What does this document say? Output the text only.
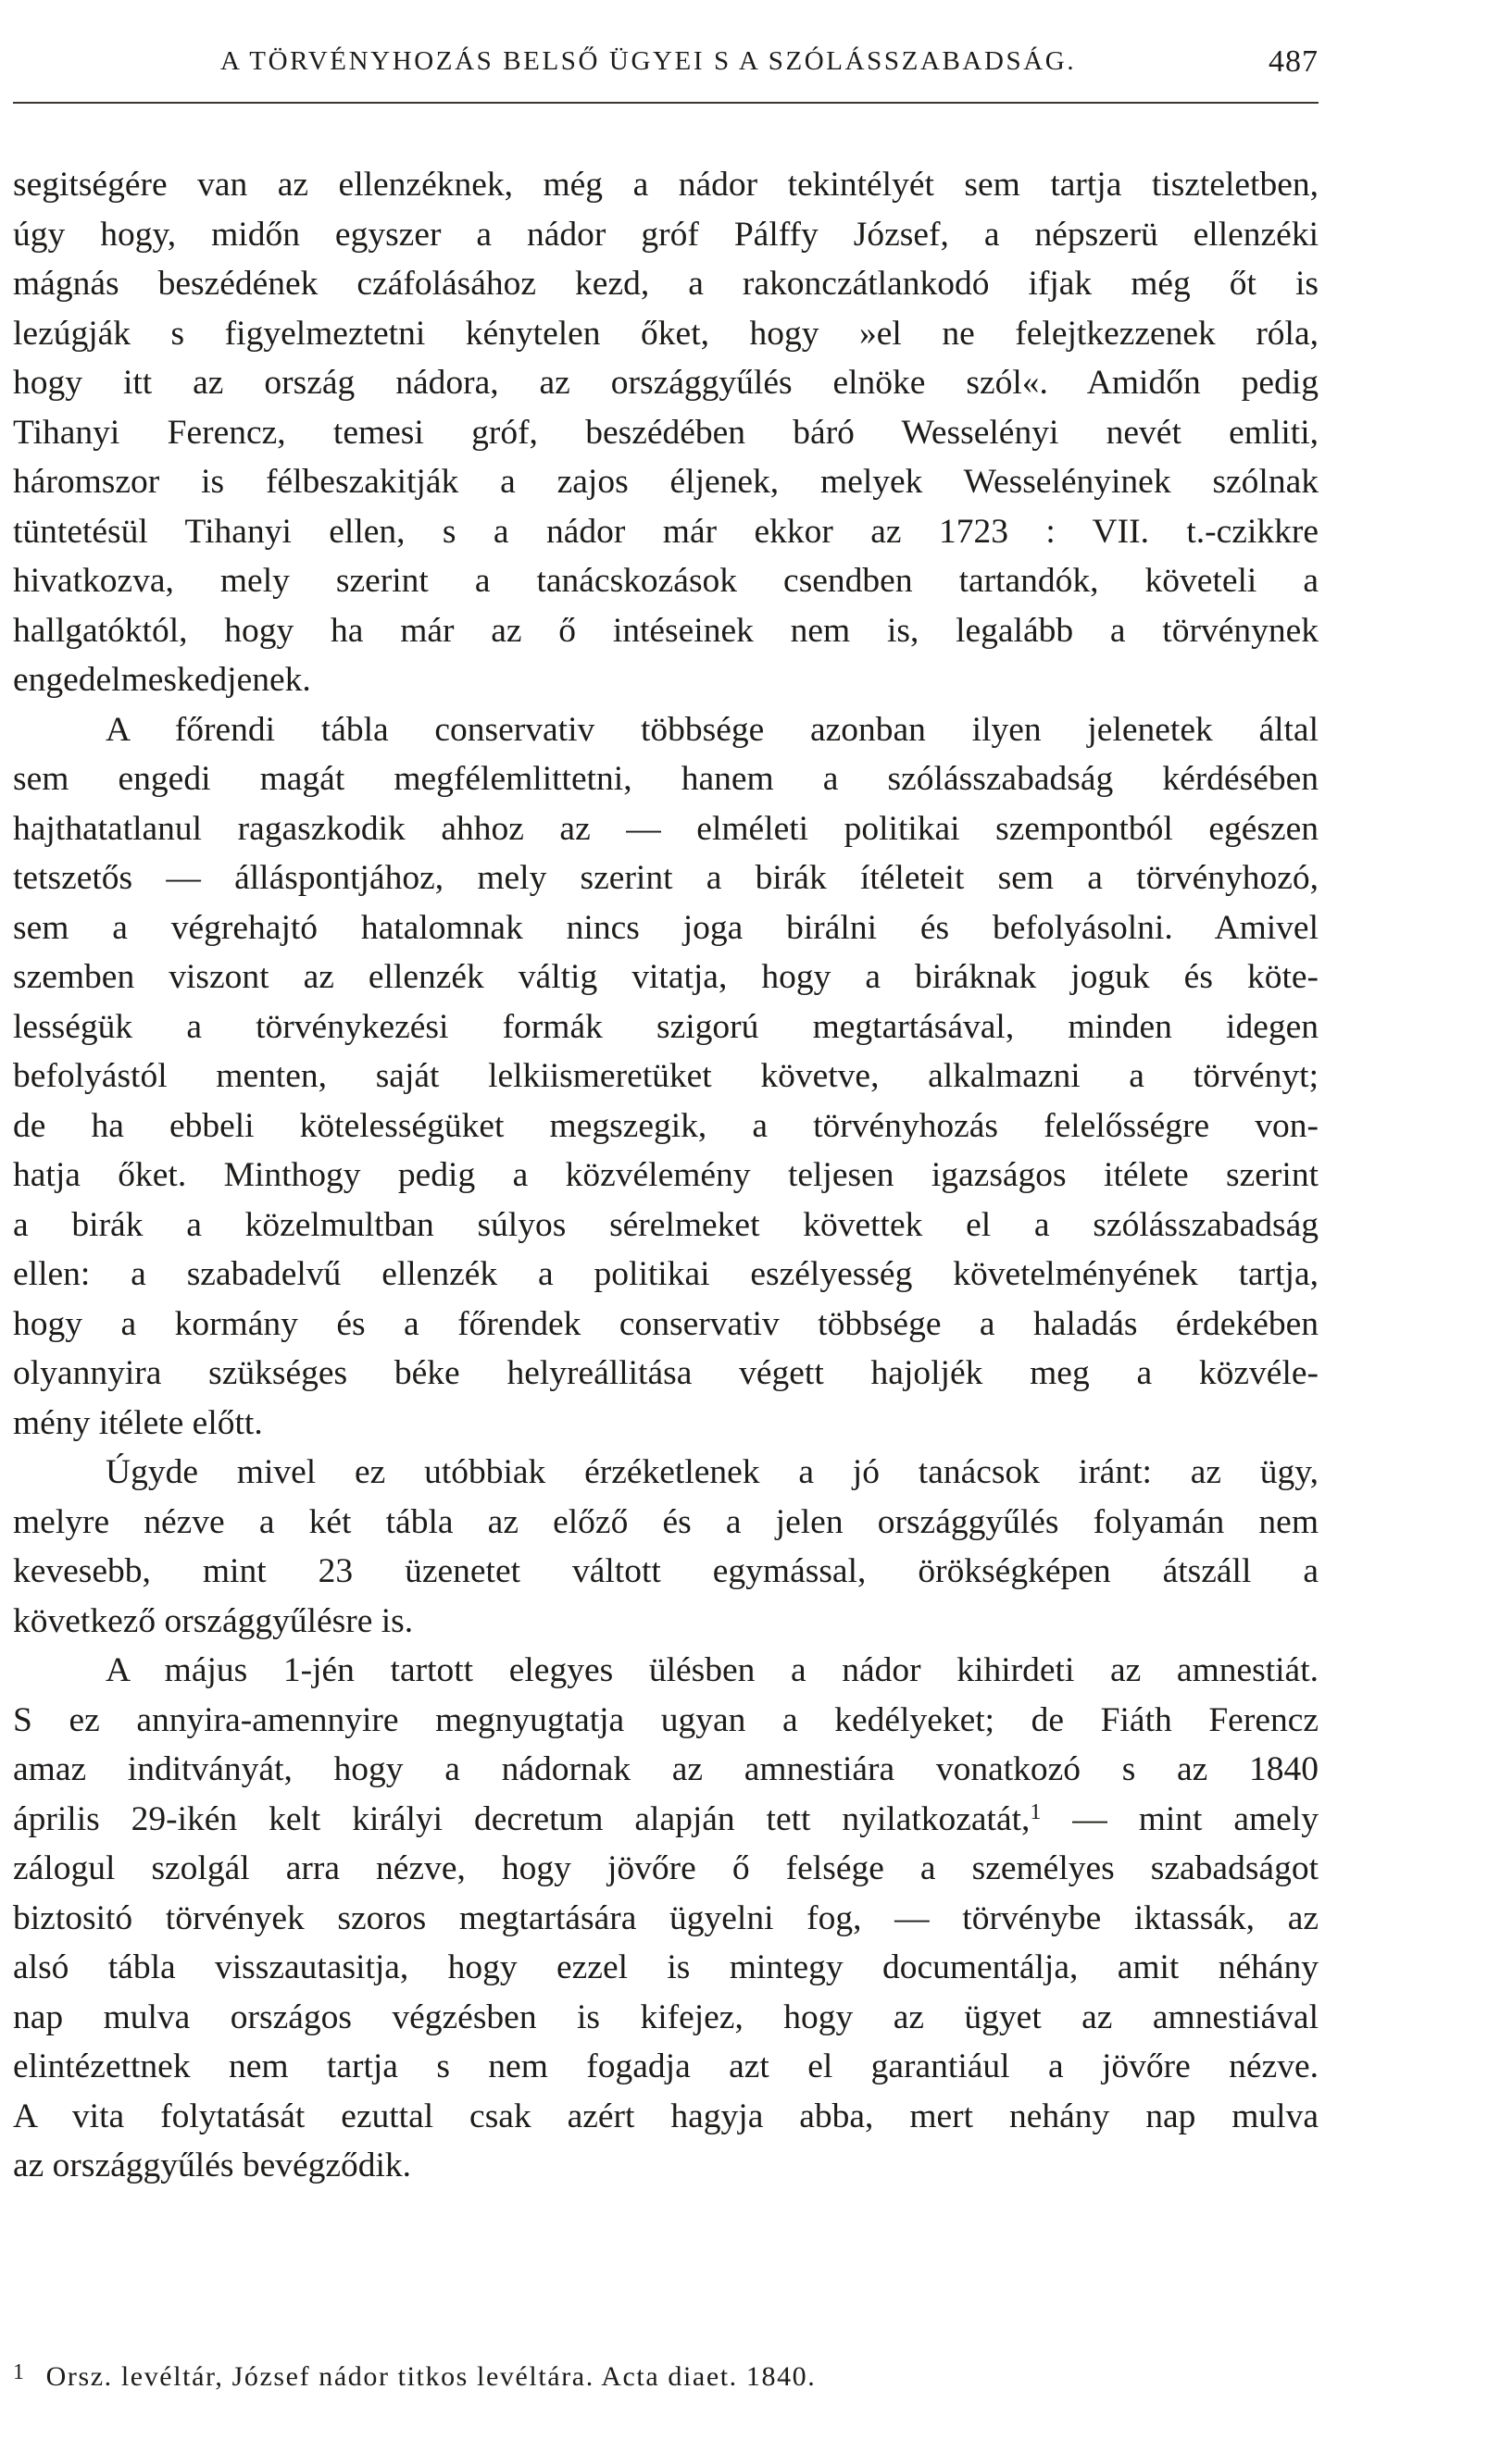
A TÖRVÉNYHOZÁS BELSŐ ÜGYEI S A SZÓLÁSSZABADSÁG.	487
segitségére van az ellenzéknek, még a nádor tekintélyét sem tartja tiszteletben,
úgy hogy, midőn egyszer a nádor gróf Pálffy József, a népszerü ellenzéki
mágnás beszédének czáfolásához kezd, a rakonczátlankodó ifjak még őt is
lezúgják s figyelmeztetni kénytelen őket, hogy »el ne felejtkezzenek róla,
hogy itt az ország nádora, az országgyűlés elnöke szól«. Amidőn pedig
Tihanyi Ferencz, temesi gróf, beszédében báró Wesselényi nevét emliti,
háromszor is félbeszakitják a zajos éljenek, melyek Wesselényinek szólnak
tüntetésül Tihanyi ellen, s a nádor már ekkor az 1723 : VII. t.-czikkre
hivatkozva, mely szerint a tanácskozások csendben tartandók, követeli a
hallgatóktól, hogy ha már az ő intéseinek nem is, legalább a törvénynek
engedelmeskedjenek.
A főrendi tábla conservativ többsége azonban ilyen jelenetek által
sem engedi magát megfélemlittetni, hanem a szólásszabadság kérdésében
hajthatatlanul ragaszkodik ahhoz az — elméleti politikai szempontból egészen
tetszetős — álláspontjához, mely szerint a birák ítéleteit sem a törvényhozó,
sem a végrehajtó hatalomnak nincs joga birálni és befolyásolni. Amivel
szemben viszont az ellenzék váltig vitatja, hogy a biráknak joguk és köte-
lességük a törvénykezési formák szigorú megtartásával, minden idegen
befolyástól menten, saját lelkiismeretüket követve, alkalmazni a törvényt;
de ha ebbeli kötelességüket megszegik, a törvényhozás felelősségre von-
hatja őket. Minthogy pedig a közvélemény teljesen igazságos itélete szerint
a birák a közelmultban súlyos sérelmeket követtek el a szólásszabadság
ellen: a szabadelvű ellenzék a politikai eszélyesség követelményének tartja,
hogy a kormány és a főrendek conservativ többsége a haladás érdekében
olyannyira szükséges béke helyreállitása végett hajoljék meg a közvéle-
mény itélete előtt.
Úgyde mivel ez utóbbiak érzéketlenek a jó tanácsok iránt: az ügy,
melyre nézve a két tábla az előző és a jelen országgyűlés folyamán nem
kevesebb, mint 23 üzenetet váltott egymással, örökségképen átszáll a
következő országgyűlésre is.
A május 1-jén tartott elegyes ülésben a nádor kihirdeti az amnestiát.
S ez annyira-amennyire megnyugtatja ugyan a kedélyeket; de Fiáth Ferencz
amaz inditványát, hogy a nádornak az amnestiára vonatkozó s az 1840
április 29-ikén kelt királyi decretum alapján tett nyilatkozatát,$^1$ — mint amely
zálogul szolgál arra nézve, hogy jövőre ő felsége a személyes szabadságot
biztositó törvények szoros megtartására ügyelni fog, — törvénybe iktassák, az
alsó tábla visszautasitja, hogy ezzel is mintegy documentálja, amit néhány
nap mulva országos végzésben is kifejez, hogy az ügyet az amnestiával
elintézettnek nem tartja s nem fogadja azt el garantiául a jövőre nézve.
A vita folytatását ezuttal csak azért hagyja abba, mert nehány nap mulva
az országgyűlés bevégződik.
1 Orsz. levéltár, József nádor titkos levéltára. Acta diaet. 1840.
